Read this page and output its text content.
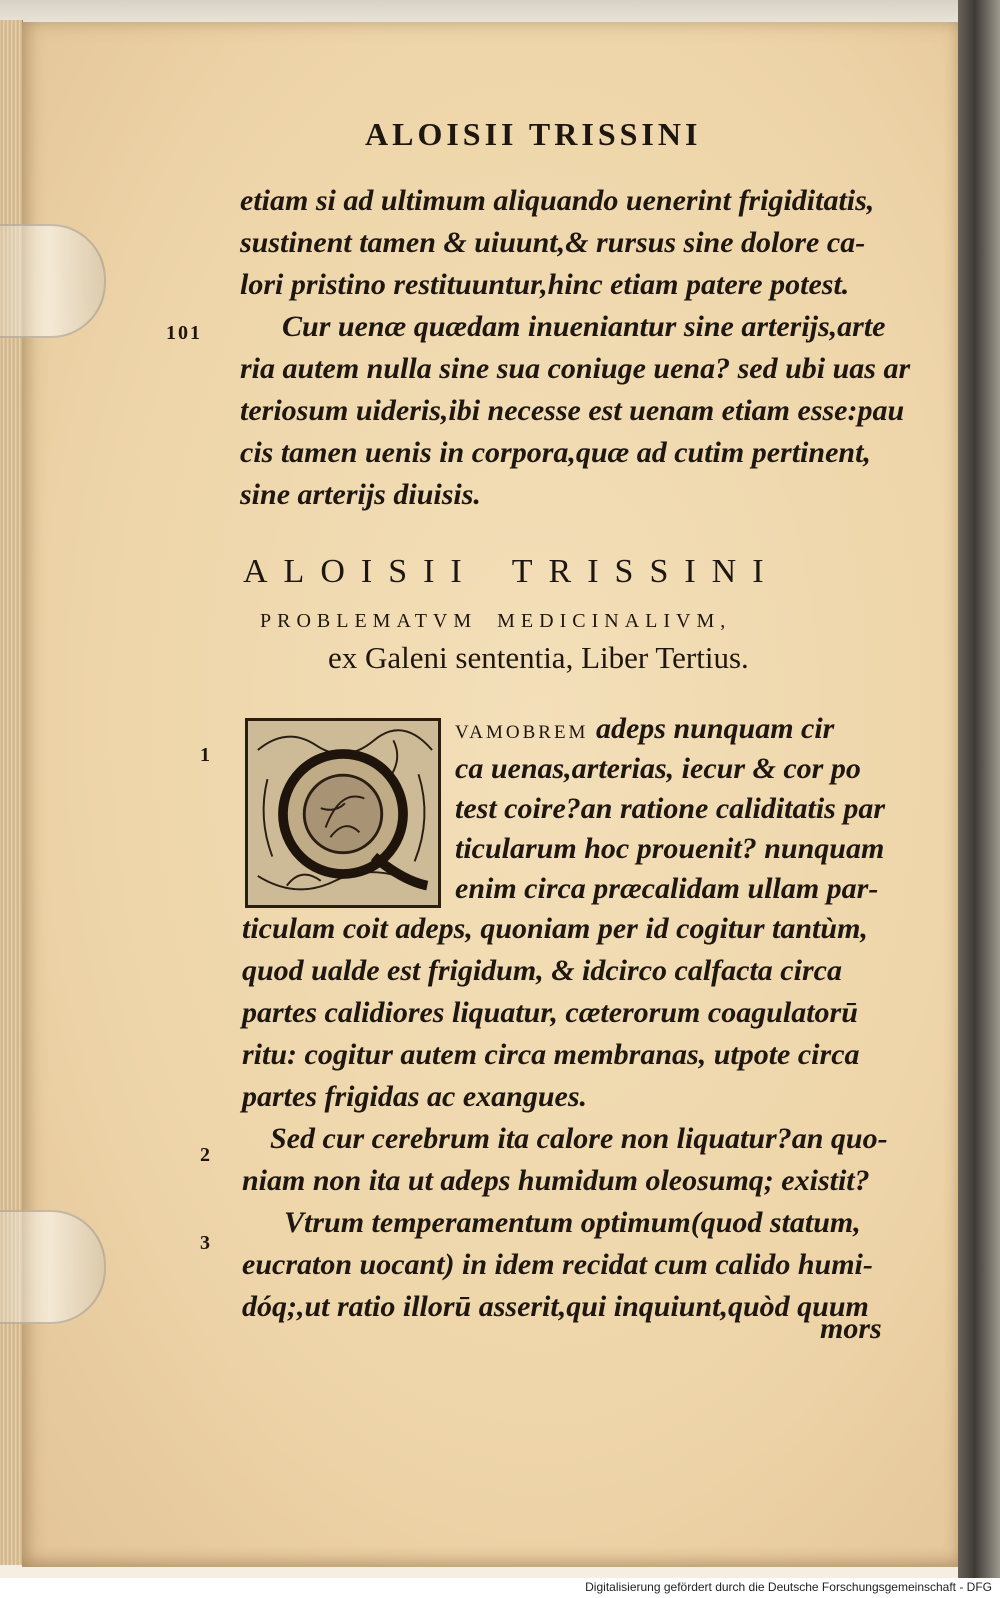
ALOISII TRISSINI
etiam si ad ultimum aliquando uenerint frigiditatis,
sustinent tamen & uiuunt,& rursus sine dolore ca-
lori pristino restituuntur,hinc etiam patere potest.
Cur uenæ quædam inueniantur sine arterijs,arte
ria autem nulla sine sua coniuge uena? sed ubi uas ar
teriosum uideris,ibi necesse est uenam etiam esse:pau
cis tamen uenis in corpora,quæ ad cutim pertinent,
sine arterijs diuisis.
101
1
2
3
ALOISII TRISSINI
PROBLEMATVM MEDICINALIVM,
ex Galeni sententia, Liber Tertius.
VAMOBREM adeps nunquam cir
ca uenas,arterias, iecur & cor po
test coire?an ratione caliditatis par
ticularum hoc prouenit? nunquam
enim circa præcalidam ullam par-
ticulam coit adeps, quoniam per id cogitur tantùm,
quod ualde est frigidum, & idcirco calfacta circa
partes calidiores liquatur, cæterorum coagulatorū
ritu: cogitur autem circa membranas, utpote circa
partes frigidas ac exangues.
Sed cur cerebrum ita calore non liquatur?an quo-
niam non ita ut adeps humidum oleosumq; existit?
Vtrum temperamentum optimum(quod statum,
eucraton uocant) in idem recidat cum calido humi-
dóq;,ut ratio illorū asserit,qui inquiunt,quòd quum
mors
Digitalisierung gefördert durch die Deutsche Forschungsgemeinschaft - DFG
